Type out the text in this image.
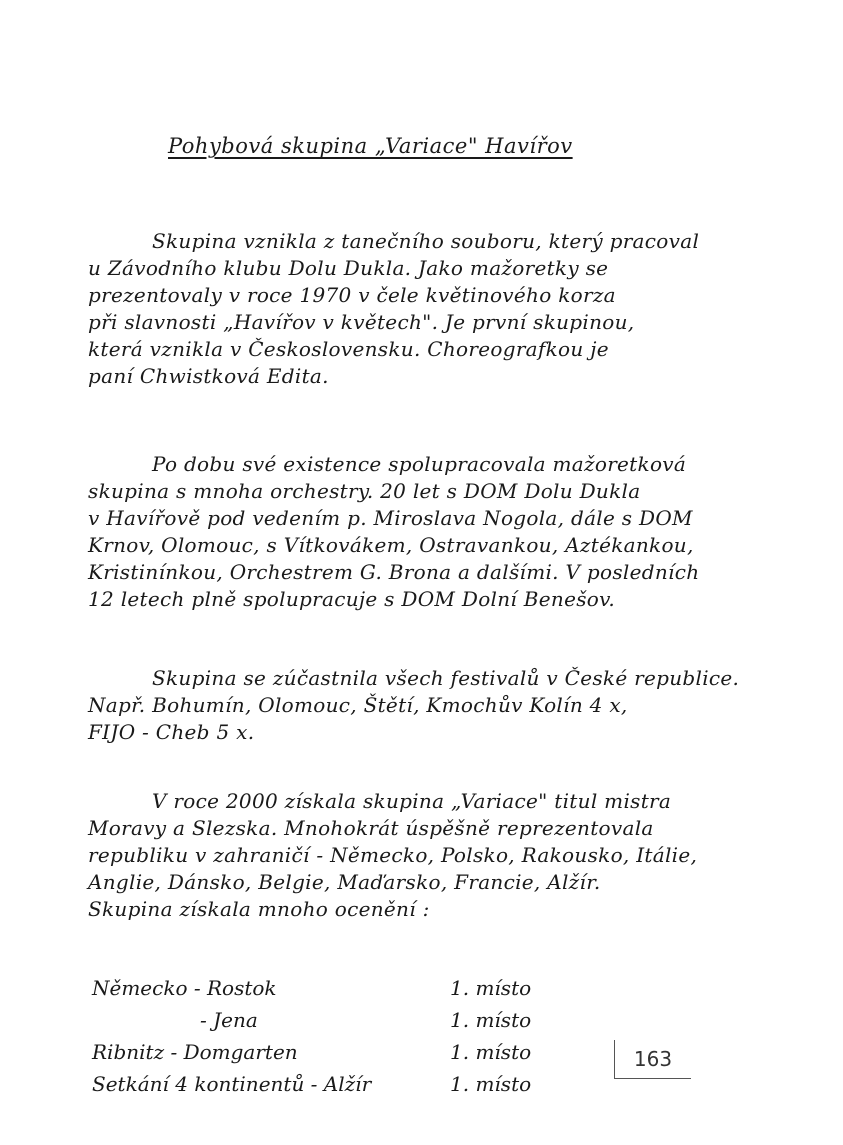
Pohybová skupina „Variace" Havířov
Skupina vznikla z tanečního souboru, který pracoval
u Závodního klubu Dolu Dukla. Jako mažoretky se
prezentovaly v roce 1970 v čele květinového korza
při slavnosti „Havířov v květech". Je první skupinou,
která vznikla v Československu. Choreografkou je
paní Chwistková Edita.
Po dobu své existence spolupracovala mažoretková
skupina s mnoha orchestry. 20 let s DOM Dolu Dukla
v Havířově pod vedením p. Miroslava Nogola, dále s DOM
Krnov, Olomouc, s Vítkovákem, Ostravankou, Aztékankou,
Kristinínkou, Orchestrem G. Brona a dalšími. V posledních
12 letech plně spolupracuje s DOM Dolní Benešov.
Skupina se zúčastnila všech festivalů v České republice.
Např. Bohumín, Olomouc, Štětí, Kmochův Kolín 4 x,
FIJO - Cheb 5 x.
V roce 2000 získala skupina „Variace" titul mistra
Moravy a Slezska. Mnohokrát úspěšně reprezentovala
republiku v zahraničí - Německo, Polsko, Rakousko, Itálie,
Anglie, Dánsko, Belgie, Maďarsko, Francie, Alžír.
Skupina získala mnoho ocenění :
Německo - Rostok	1. místo
- Jena	1. místo
Ribnitz - Domgarten	1. místo
Setkání 4 kontinentů - Alžír	1. místo
163
